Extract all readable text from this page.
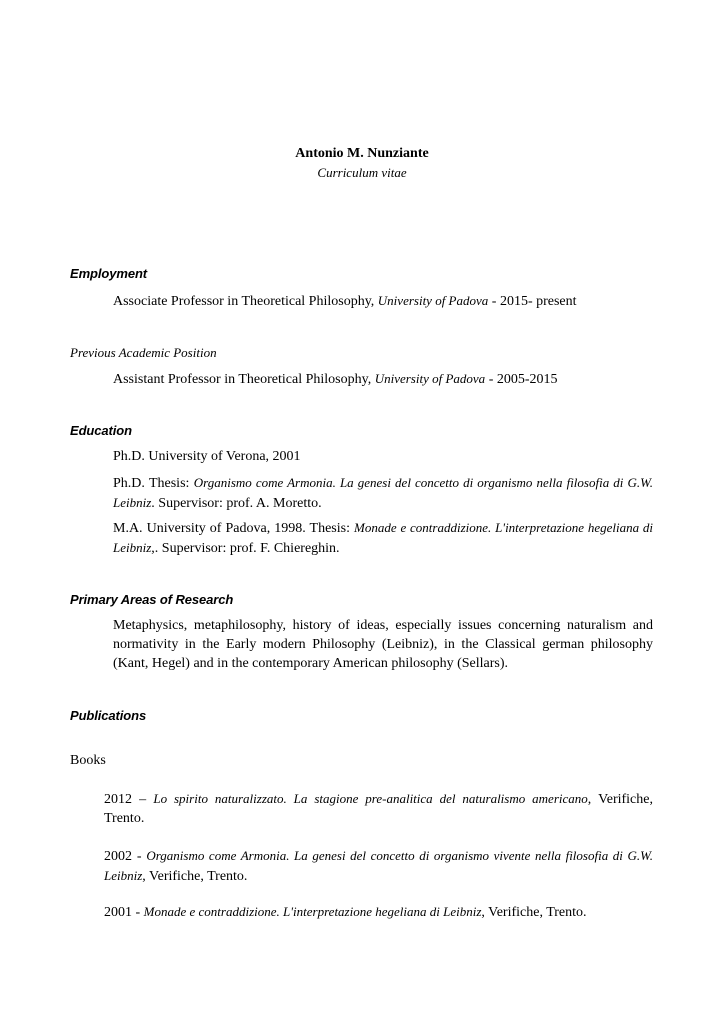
Antonio M. Nunziante
Curriculum vitae
Employment
Associate Professor in Theoretical Philosophy, University of Padova - 2015- present
Previous Academic Position
Assistant Professor in Theoretical Philosophy, University of Padova - 2005-2015
Education
Ph.D. University of Verona, 2001
Ph.D. Thesis: Organismo come Armonia. La genesi del concetto di organismo nella filosofia di G.W. Leibniz. Supervisor: prof. A. Moretto.
M.A. University of Padova, 1998. Thesis: Monade e contraddizione. L'interpretazione hegeliana di Leibniz,. Supervisor: prof. F. Chiereghin.
Primary Areas of Research
Metaphysics, metaphilosophy, history of ideas, especially issues concerning naturalism and normativity in the Early modern Philosophy (Leibniz), in the Classical german philosophy (Kant, Hegel) and in the contemporary American philosophy (Sellars).
Publications
Books
2012 – Lo spirito naturalizzato. La stagione pre-analitica del naturalismo americano, Verifiche, Trento.
2002 - Organismo come Armonia. La genesi del concetto di organismo vivente nella filosofia di G.W. Leibniz, Verifiche, Trento.
2001 - Monade e contraddizione. L'interpretazione hegeliana di Leibniz, Verifiche, Trento.
